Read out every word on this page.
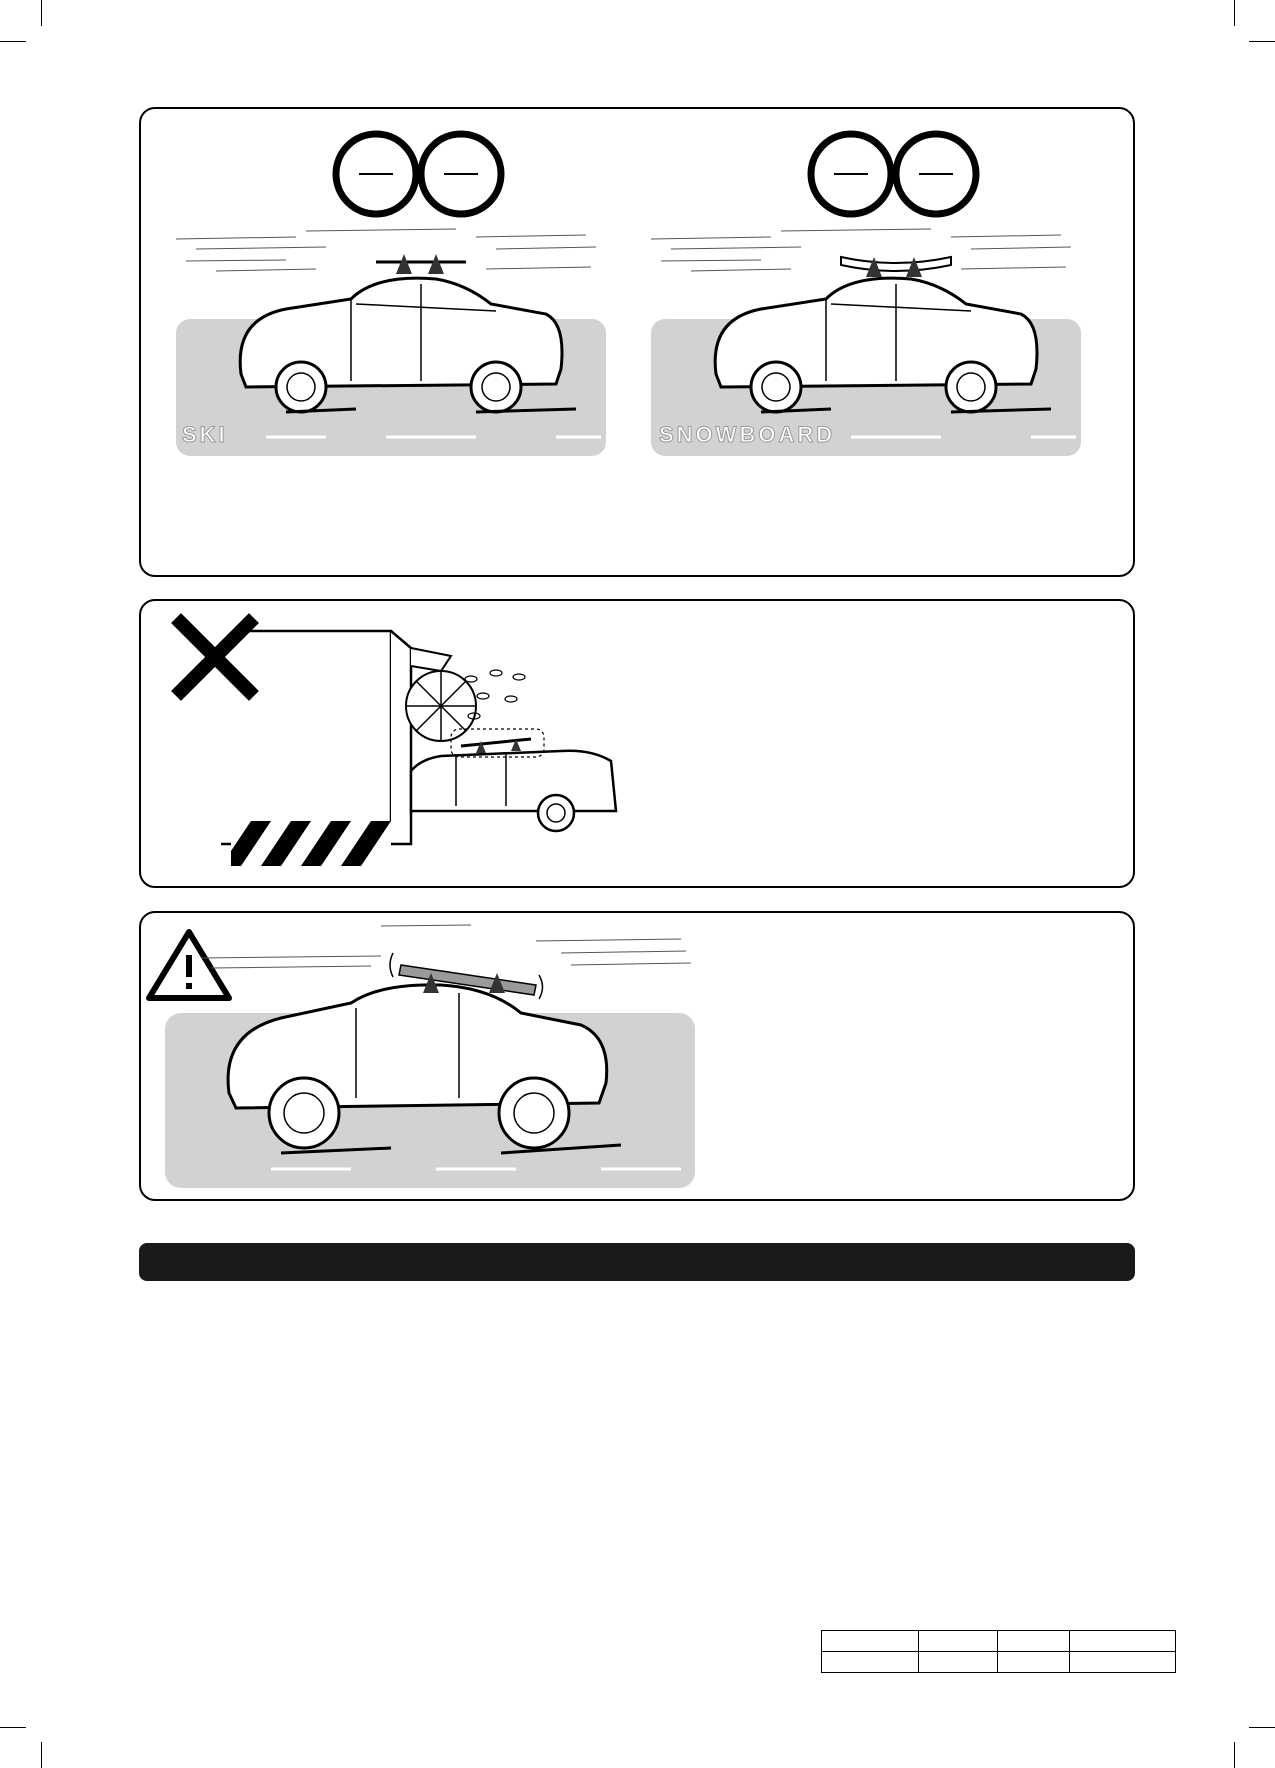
SKI	SNOWBOARD
